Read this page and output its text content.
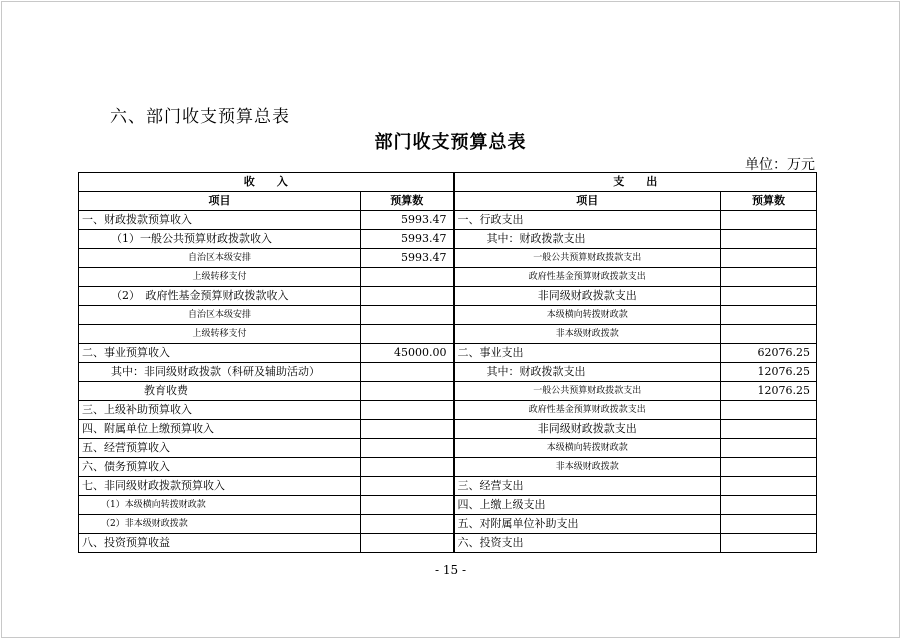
六、部门收支预算总表
部门收支预算总表
单位：万元
收　　入		支　　出	
项目	预算数	项目	预算数
一、财政拨款预算收入	5993.47	一、行政支出	
（1）一般公共预算财政拨款收入	5993.47	其中：财政拨款支出	
自治区本级安排	5993.47	一般公共预算财政拨款支出	
上级转移支付		政府性基金预算财政拨款支出	
（2）　政府性基金预算财政拨款收入		非同级财政拨款支出	
自治区本级安排		本级横向转拨财政款	
上级转移支付		非本级财政拨款	
二、事业预算收入	45000.00	二、事业支出	62076.25
其中：非同级财政拨款（科研及辅助活动）		其中：财政拨款支出	12076.25
教育收费		一般公共预算财政拨款支出	12076.25
三、上级补助预算收入		政府性基金预算财政拨款支出	
四、附属单位上缴预算收入		非同级财政拨款支出	
五、经营预算收入		本级横向转拨财政款	
六、债务预算收入		非本级财政拨款	
七、非同级财政拨款预算收入		三、经营支出	
（1）本级横向转拨财政款		四、上缴上级支出	
（2）非本级财政拨款		五、对附属单位补助支出	
八、投资预算收益		六、投资支出	
- 15 -
